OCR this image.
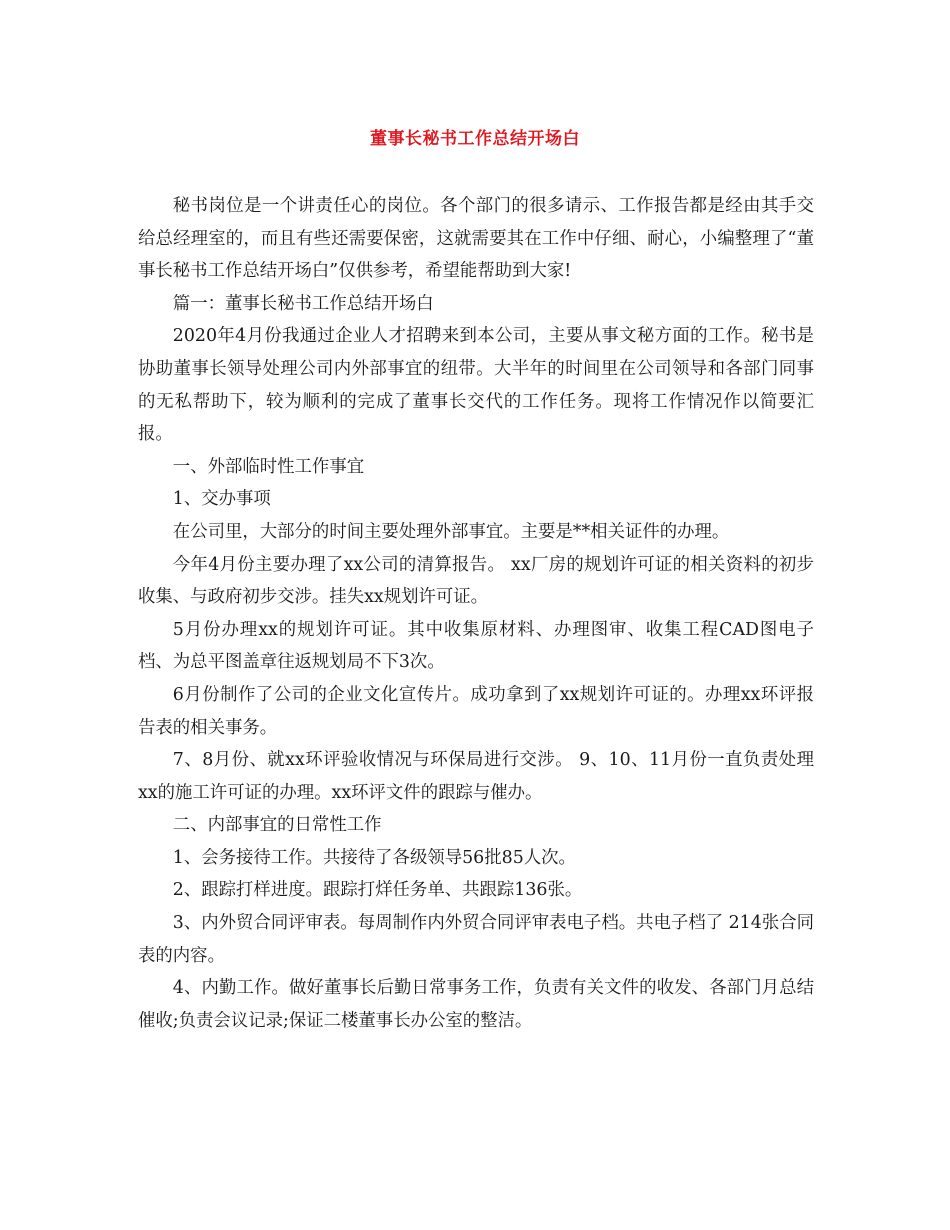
董事长秘书工作总结开场白

秘书岗位是一个讲责任心的岗位。各个部门的很多请示、工作报告都是经由其手交给总经理室的，而且有些还需要保密，这就需要其在工作中仔细、耐心，小编整理了“董事长秘书工作总结开场白”仅供参考，希望能帮助到大家!

篇一：董事长秘书工作总结开场白

2020年4月份我通过企业人才招聘来到本公司，主要从事文秘方面的工作。秘书是协助董事长领导处理公司内外部事宜的纽带。大半年的时间里在公司领导和各部门同事的无私帮助下，较为顺利的完成了董事长交代的工作任务。现将工作情况作以简要汇报。

一、外部临时性工作事宜

1、交办事项

在公司里，大部分的时间主要处理外部事宜。主要是**相关证件的办理。

今年4月份主要办理了xx公司的清算报告。 xx厂房的规划许可证的相关资料的初步收集、与政府初步交涉。挂失xx规划许可证。

5月份办理xx的规划许可证。其中收集原材料、办理图审、收集工程CAD图电子档、为总平图盖章往返规划局不下3次。

6月份制作了公司的企业文化宣传片。成功拿到了xx规划许可证的。办理xx环评报告表的相关事务。

7、8月份、就xx环评验收情况与环保局进行交涉。 9、10、11月份一直负责处理xx的施工许可证的办理。xx环评文件的跟踪与催办。

二、内部事宜的日常性工作

1、会务接待工作。共接待了各级领导56批85人次。

2、跟踪打样进度。跟踪打烊任务单、共跟踪136张。

3、内外贸合同评审表。每周制作内外贸合同评审表电子档。共电子档了 214张合同表的内容。

4、内勤工作。做好董事长后勤日常事务工作，负责有关文件的收发、各部门月总结催收;负责会议记录;保证二楼董事长办公室的整洁。
